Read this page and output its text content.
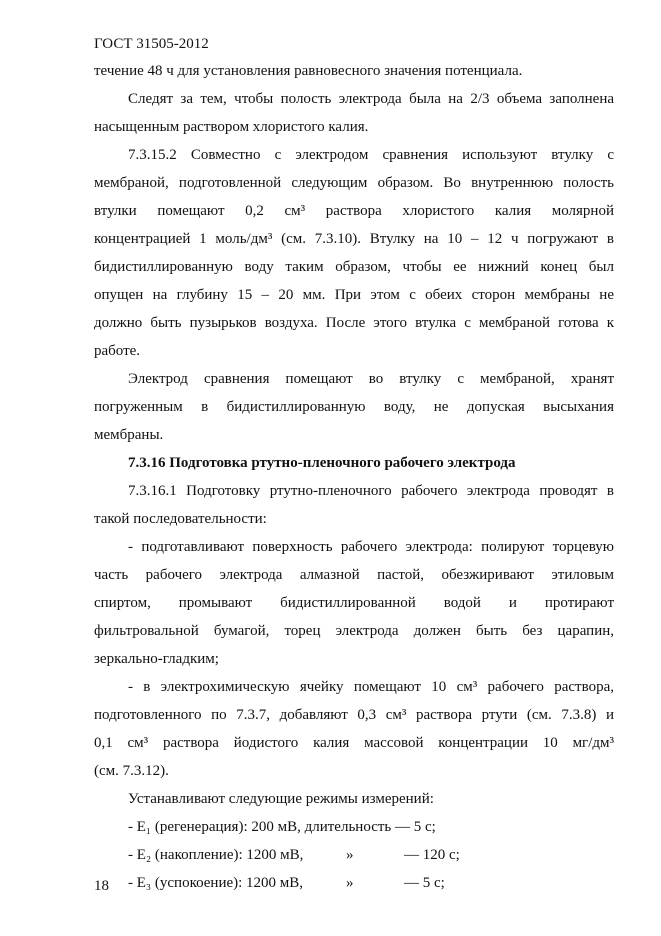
ГОСТ 31505-2012
течение 48 ч для установления равновесного значения потенциала.
Следят за тем, чтобы полость электрода была на 2/3 объема заполнена
насыщенным раствором хлористого калия.
7.3.15.2 Совместно с электродом сравнения используют втулку с
мембраной, подготовленной следующим образом. Во внутреннюю полость
втулки помещают 0,2 см³ раствора хлористого калия молярной
концентрацией 1 моль/дм³ (см. 7.3.10). Втулку на 10 – 12 ч погружают в
бидистиллированную воду таким образом, чтобы ее нижний конец был
опущен на глубину 15 – 20 мм. При этом с обеих сторон мембраны не
должно быть пузырьков воздуха. После этого втулка с мембраной готова к
работе.
Электрод сравнения помещают во втулку с мембраной, хранят
погруженным в бидистиллированную воду, не допуская высыхания
мембраны.
7.3.16 Подготовка ртутно-пленочного рабочего электрода
7.3.16.1 Подготовку ртутно-пленочного рабочего электрода проводят в
такой последовательности:
- подготавливают поверхность рабочего электрода: полируют торцевую
часть рабочего электрода алмазной пастой, обезжиривают этиловым
спиртом, промывают бидистиллированной водой и протирают
фильтровальной бумагой, торец электрода должен быть без царапин,
зеркально-гладким;
- в электрохимическую ячейку помещают 10 см³ рабочего раствора,
подготовленного по 7.3.7, добавляют 0,3 см³ раствора ртути (см. 7.3.8) и
0,1 см³ раствора йодистого калия массовой концентрации 10 мг/дм³
(см. 7.3.12).
Устанавливают следующие режимы измерений:
- E₁ (регенерация): 200 мВ, длительность — 5 с;
- E₂ (накопление): 1200 мВ,	»	— 120 с;
- E₃ (успокоение): 1200 мВ,	»	— 5 с;
18
